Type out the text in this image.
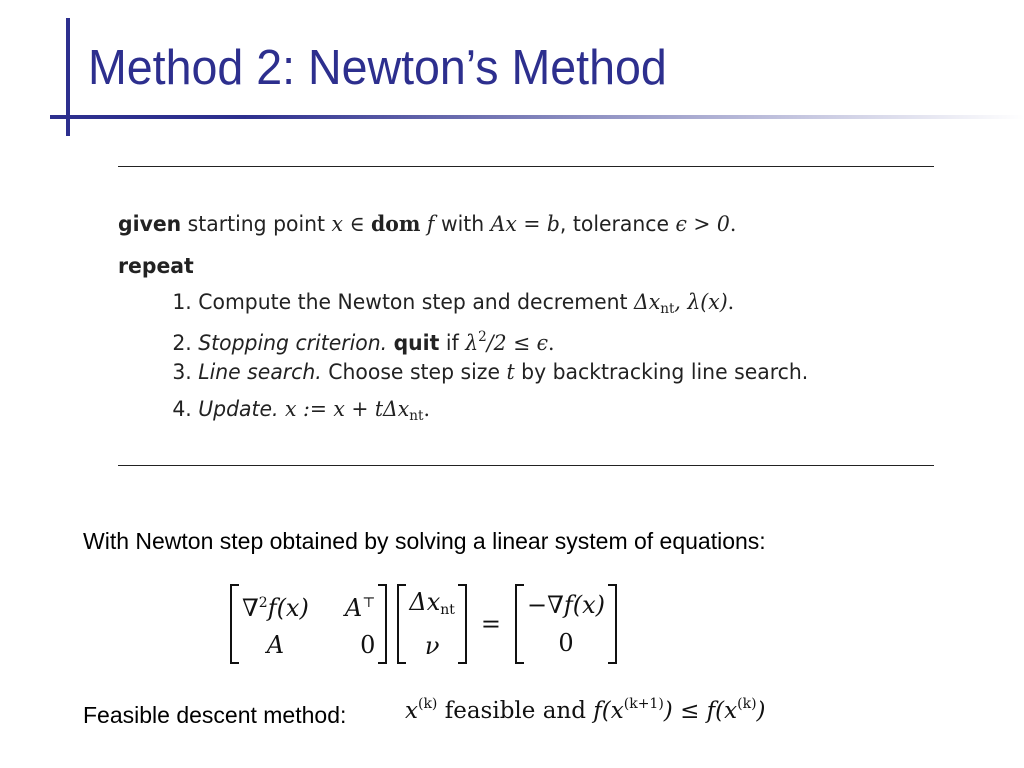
Method 2: Newton’s Method
given starting point x ∈ dom f with Ax = b, tolerance ϵ > 0.
repeat
1. Compute the Newton step and decrement $\Delta x_{nt}$, λ(x).
2. Stopping criterion. quit if $\lambda^2/2 \le \epsilon$.
3. Line search. Choose step size t by backtracking line search.
4. Update. x := x + tΔx$_{nt}$.
With Newton step obtained by solving a linear system of equations:
∇$^2$f(x) A⊤
A	0
$\Delta x_{nt}$
ν
=
−∇f(x)
0
Feasible descent method:	$x^{(k)}$ feasible and $f(x^{(k+1)}) \le f(x^{(k)})$
